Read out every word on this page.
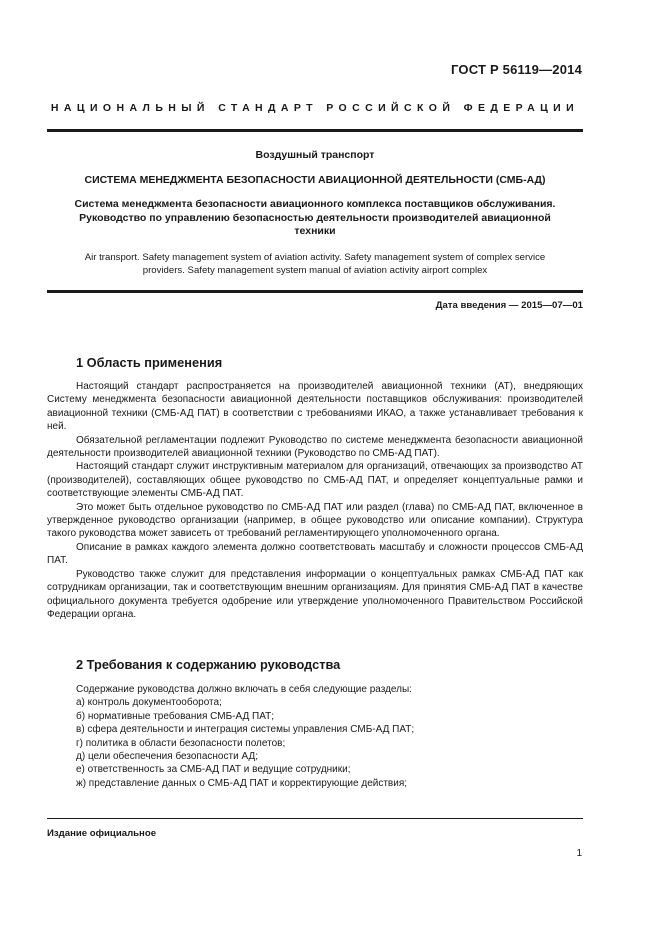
ГОСТ Р 56119—2014
НАЦИОНАЛЬНЫЙ СТАНДАРТ РОССИЙСКОЙ ФЕДЕРАЦИИ
Воздушный транспорт
СИСТЕМА МЕНЕДЖМЕНТА БЕЗОПАСНОСТИ АВИАЦИОННОЙ ДЕЯТЕЛЬНОСТИ (СМБ-АД)
Система менеджмента безопасности авиационного комплекса поставщиков обслуживания.
Руководство по управлению безопасностью деятельности производителей авиационной
техники
Air transport. Safety management system of aviation activity. Safety management system of complex service
providers. Safety management system manual of aviation activity airport complex
Дата введения — 2015—07—01
1 Область применения

Настоящий стандарт распространяется на производителей авиационной техники (АТ), внедряющих Систему менеджмента безопасности авиационной деятельности поставщиков обслуживания: производителей авиационной техники (СМБ-АД ПАТ) в соответствии с требованиями ИКАО, а также устанавливает требования к ней.

Обязательной регламентации подлежит Руководство по системе менеджмента безопасности авиационной деятельности производителей авиационной техники (Руководство по СМБ-АД ПАТ).

Настоящий стандарт служит инструктивным материалом для организаций, отвечающих за производство АТ (производителей), составляющих общее руководство по СМБ-АД ПАТ, и определяет концептуальные рамки и соответствующие элементы СМБ-АД ПАТ.

Это может быть отдельное руководство по СМБ-АД ПАТ или раздел (глава) по СМБ-АД ПАТ, включенное в утвержденное руководство организации (например, в общее руководство или описание компании). Структура такого руководства может зависеть от требований регламентирующего уполномоченного органа.

Описание в рамках каждого элемента должно соответствовать масштабу и сложности процессов СМБ-АД ПАТ.

Руководство также служит для представления информации о концептуальных рамках СМБ-АД ПАТ как сотрудникам организации, так и соответствующим внешним организациям. Для принятия СМБ-АД ПАТ в качестве официального документа требуется одобрение или утверждение уполномоченного Правительством Российской Федерации органа.

2 Требования к содержанию руководства

Содержание руководства должно включать в себя следующие разделы:

а) контроль документооборота;
б) нормативные требования СМБ-АД ПАТ;
в) сфера деятельности и интеграция системы управления СМБ-АД ПАТ;
г) политика в области безопасности полетов;
д) цели обеспечения безопасности АД;
е) ответственность за СМБ-АД ПАТ и ведущие сотрудники;
ж) представление данных о СМБ-АД ПАТ и корректирующие действия;
Издание официальное
1
